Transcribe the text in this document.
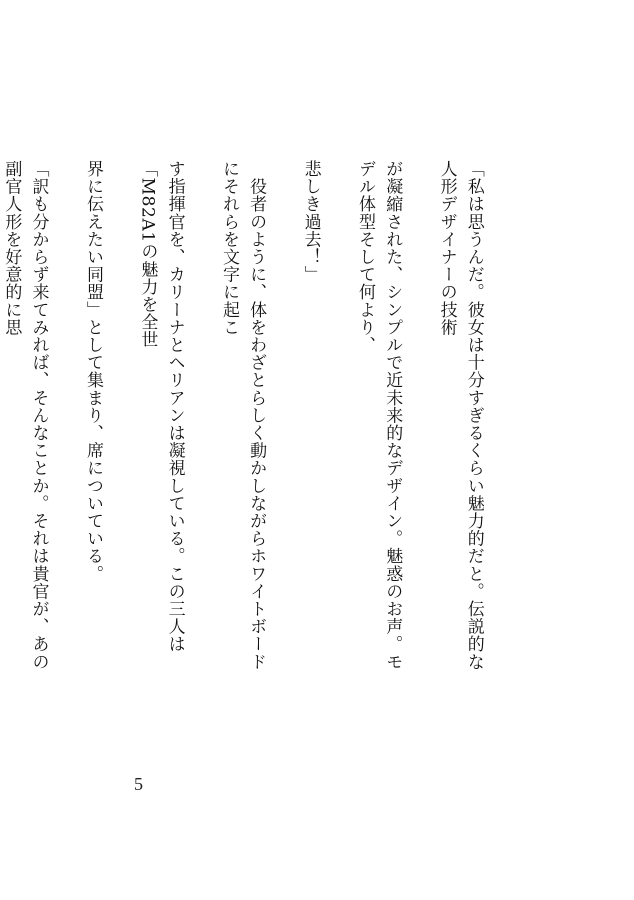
「私は思うんだ。彼女は十分すぎるくらい魅力的だと。伝説的な人形デザイナーの技術

が凝縮された、シンプルで近未来的なデザイン。魅惑のお声。モデル体型そして何より、

悲しき過去！」

　役者のように、体をわざとらしく動かしながらホワイトボードにそれらを文字に起こ

す指揮官を、カリーナとヘリアンは凝視している。この三人は「M82A1の魅力を全世

界に伝えたい同盟」として集まり、席についている。

「訳も分からず来てみれば、そんなことか。それは貴官が、あの副官人形を好意的に思

5
